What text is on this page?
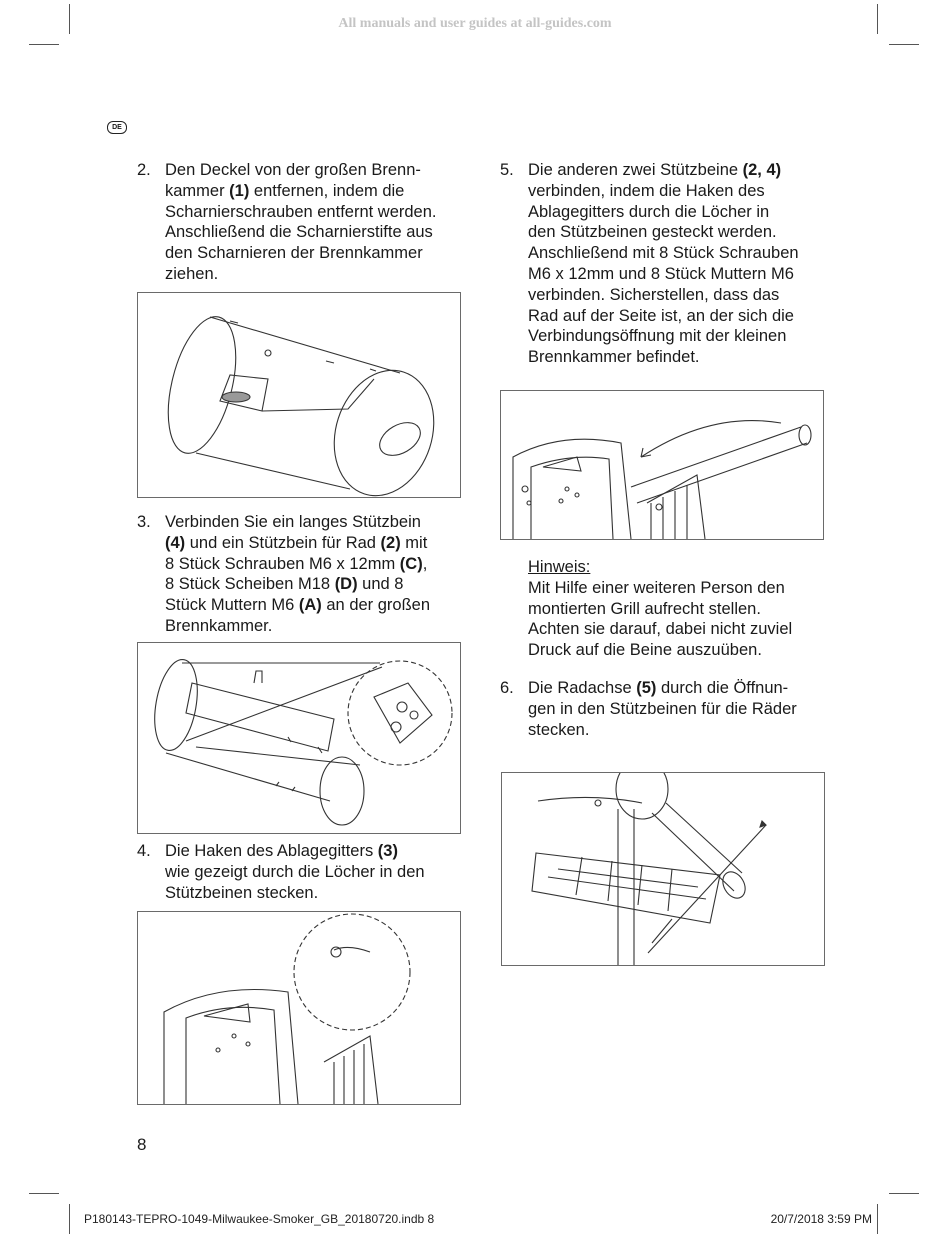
All manuals and user guides at all-guides.com
DE
2. Den Deckel von der großen Brenn-
kammer (1) entfernen, indem die
Scharnierschrauben entfernt werden.
Anschließend die Scharnierstifte aus
den Scharnieren der Brennkammer
ziehen.
3. Verbinden Sie ein langes Stützbein
(4) und ein Stützbein für Rad (2) mit
8 Stück Schrauben M6 x 12mm (C),
8 Stück Scheiben M18 (D) und 8
Stück Muttern M6 (A) an der großen
Brennkammer.
4. Die Haken des Ablagegitters (3)
wie gezeigt durch die Löcher in den
Stützbeinen stecken.
5. Die anderen zwei Stützbeine (2, 4)
verbinden, indem die Haken des
Ablagegitters durch die Löcher in
den Stützbeinen gesteckt werden.
Anschließend mit 8 Stück Schrauben
M6 x 12mm und 8 Stück Muttern M6
verbinden. Sicherstellen, dass das
Rad auf der Seite ist, an der sich die
Verbindungsöffnung mit der kleinen
Brennkammer befindet.
Hinweis:
Mit Hilfe einer weiteren Person den
montierten Grill aufrecht stellen.
Achten sie darauf, dabei nicht zuviel
Druck auf die Beine auszuüben.
6. Die Radachse (5) durch die Öffnun-
gen in den Stützbeinen für die Räder
stecken.
8
P180143-TEPRO-1049-Milwaukee-Smoker_GB_20180720.indb 8	20/7/2018 3:59 PM
